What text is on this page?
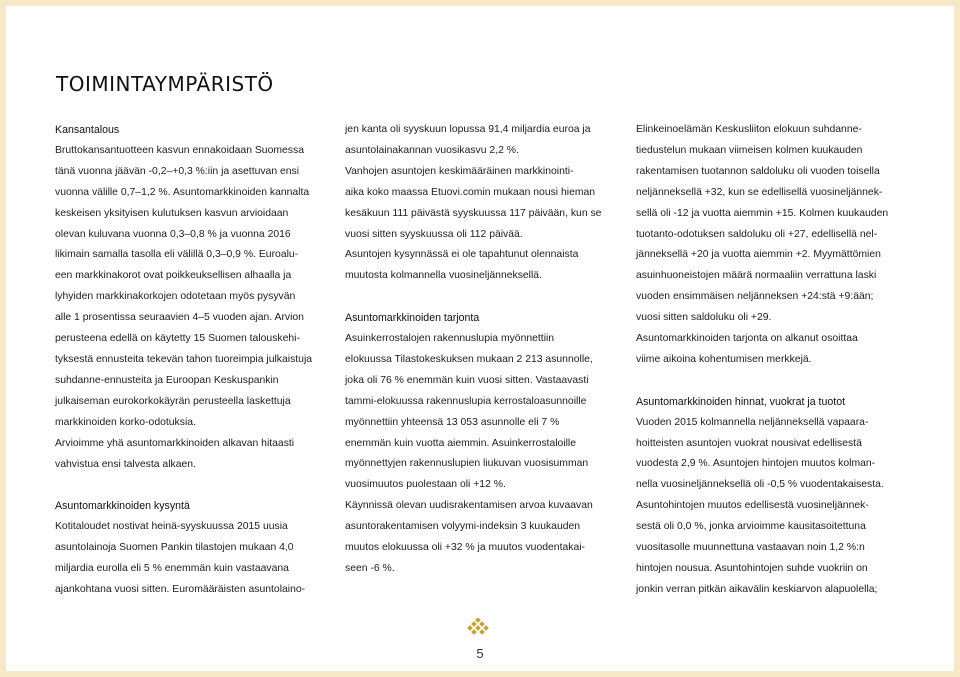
TOIMINTAYMPÄRISTÖ
Kansantalous
Bruttokansantuotteen kasvun ennakoidaan Suomessa
tänä vuonna jäävän -0,2–+0,3 %:iin ja asettuvan ensi
vuonna välille 0,7–1,2 %. Asuntomarkkinoiden kannalta
keskeisen yksityisen kulutuksen kasvun arvioidaan
olevan kuluvana vuonna 0,3–0,8 % ja vuonna 2016
likimain samalla tasolla eli välillä 0,3–0,9 %. Euroalu-
een markkinakorot ovat poikkeuksellisen alhaalla ja
lyhyiden markkinakorkojen odotetaan myös pysyvän
alle 1 prosentissa seuraavien 4–5 vuoden ajan. Arvion
perusteena edellä on käytetty 15 Suomen talouskehi-
tyksestä ennusteita tekevän tahon tuoreimpia julkaistuja
suhdanne-ennusteita ja Euroopan Keskuspankin
julkaiseman eurokorkokäyrän perusteella laskettuja
markkinoiden korko-odotuksia.
Arvioimme yhä asuntomarkkinoiden alkavan hitaasti
vahvistua ensi talvesta alkaen.
Asuntomarkkinoiden kysyntä
Kotitaloudet nostivat heinä-syyskuussa 2015 uusia
asuntolainoja Suomen Pankin tilastojen mukaan 4,0
miljardia eurolla eli 5 % enemmän kuin vastaavana
ajankohtana vuosi sitten. Euromääräisten asuntolaino-
jen kanta oli syyskuun lopussa 91,4 miljardia euroa ja
asuntolainakannan vuosikasvu 2,2 %.
Vanhojen asuntojen keskimääräinen markkinointi-
aika koko maassa Etuovi.comin mukaan nousi hieman
kesäkuun 111 päivästä syyskuussa 117 päivään, kun se
vuosi sitten syyskuussa oli 112 päivää.
Asuntojen kysynnässä ei ole tapahtunut olennaista
muutosta kolmannella vuosineljänneksellä.
Asuntomarkkinoiden tarjonta
Asuinkerrostalojen rakennuslupia myönnettiin
elokuussa Tilastokeskuksen mukaan 2 213 asunnolle,
joka oli 76 % enemmän kuin vuosi sitten. Vastaavasti
tammi-elokuussa rakennuslupia kerrostaloasunnoille
myönnettiin yhteensä 13 053 asunnolle eli 7 %
enemmän kuin vuotta aiemmin. Asuinkerrostaloille
myönnettyjen rakennuslupien liukuvan vuosisumman
vuosimuutos puolestaan oli +12 %.
Käynnissä olevan uudisrakentamisen arvoa kuvaavan
asuntorakentamisen volyymi-indeksin 3 kuukauden
muutos elokuussa oli +32 % ja muutos vuodentakai-
seen -6 %.
Elinkeinoelämän Keskusliiton elokuun suhdanne-
tiedustelun mukaan viimeisen kolmen kuukauden
rakentamisen tuotannon saldoluku oli vuoden toisella
neljänneksellä +32, kun se edellisellä vuosineljännek-
sellä oli -12 ja vuotta aiemmin +15. Kolmen kuukauden
tuotanto-odotuksen saldoluku oli +27, edellisellä nel-
jänneksellä +20 ja vuotta aiemmin +2. Myymättömien
asuinhuoneistojen määrä normaaliin verrattuna laski
vuoden ensimmäisen neljänneksen +24:stä +9:ään;
vuosi sitten saldoluku oli +29.
Asuntomarkkinoiden tarjonta on alkanut osoittaa
viime aikoina kohentumisen merkkejä.
Asuntomarkkinoiden hinnat, vuokrat ja tuotot
Vuoden 2015 kolmannella neljänneksellä vapaara-
hoitteisten asuntojen vuokrat nousivat edellisestä
vuodesta 2,9 %. Asuntojen hintojen muutos kolman-
nella vuosineljänneksellä oli -0,5 % vuodentakaisesta.
Asuntohintojen muutos edellisestä vuosineljännek-
sestä oli 0,0 %, jonka arvioimme kausitasoitettuna
vuositasolle muunnettuna vastaavan noin 1,2 %:n
hintojen nousua. Asuntohintojen suhde vuokriin on
jonkin verran pitkän aikavälin keskiarvon alapuolella;
5
